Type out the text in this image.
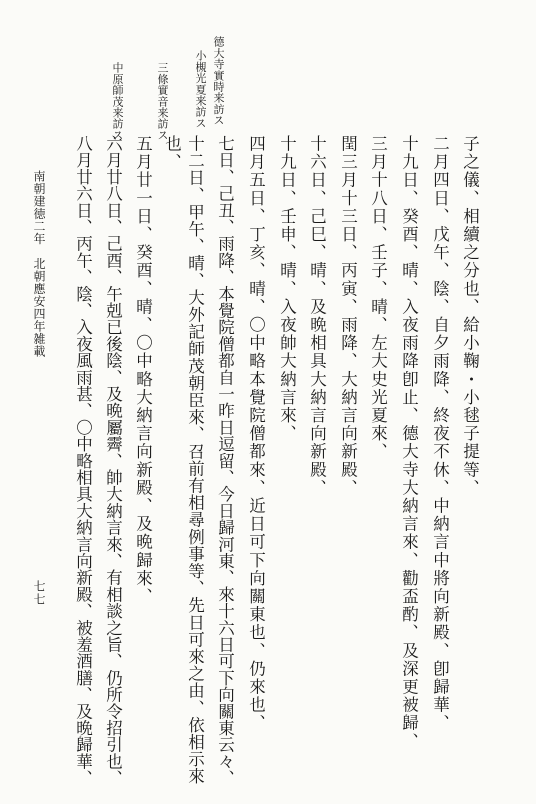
德大寺實時来訪ス
小槻光夏来訪ス
三條實音来訪ス
中原師茂来訪ス
子之儀、相續之分也、給小鞠・小毬子提等、
二月四日、戊午、陰、自夕雨降、終夜不休、中納言中將向新殿、卽歸華、
十九日、癸酉、晴、入夜雨降卽止、德大寺大納言來、勸盃酌、及深更被歸、
三月十八日、壬子、晴、左大史光夏來、
閏三月十三日、丙寅、雨降、大納言向新殿、
十六日、己巳、晴、及晩相具大納言向新殿、
十九日、壬申、晴、入夜帥大納言來、
四月五日、丁亥、晴、〇中略本覺院僧都來、近日可下向關東也、仍來也、
七日、己丑、雨降、本覺院僧都自一昨日逗留、今日歸河東、來十六日可下向關東云々、
十二日、甲午、晴、大外記師茂朝臣來、召前有相尋例事等、先日可來之由、依相示來
也、
五月廿一日、癸酉、晴、〇中略大納言向新殿、及晩歸來、
六月廿八日、己酉、午剋已後陰、及晩屬霽、帥大納言來、有相談之旨、仍所令招引也、
八月廿六日、丙午、陰、入夜風雨甚、〇中略相具大納言向新殿、被羞酒膳、及晩歸華、
南朝建徳二年　北朝應安四年雑載
七七
